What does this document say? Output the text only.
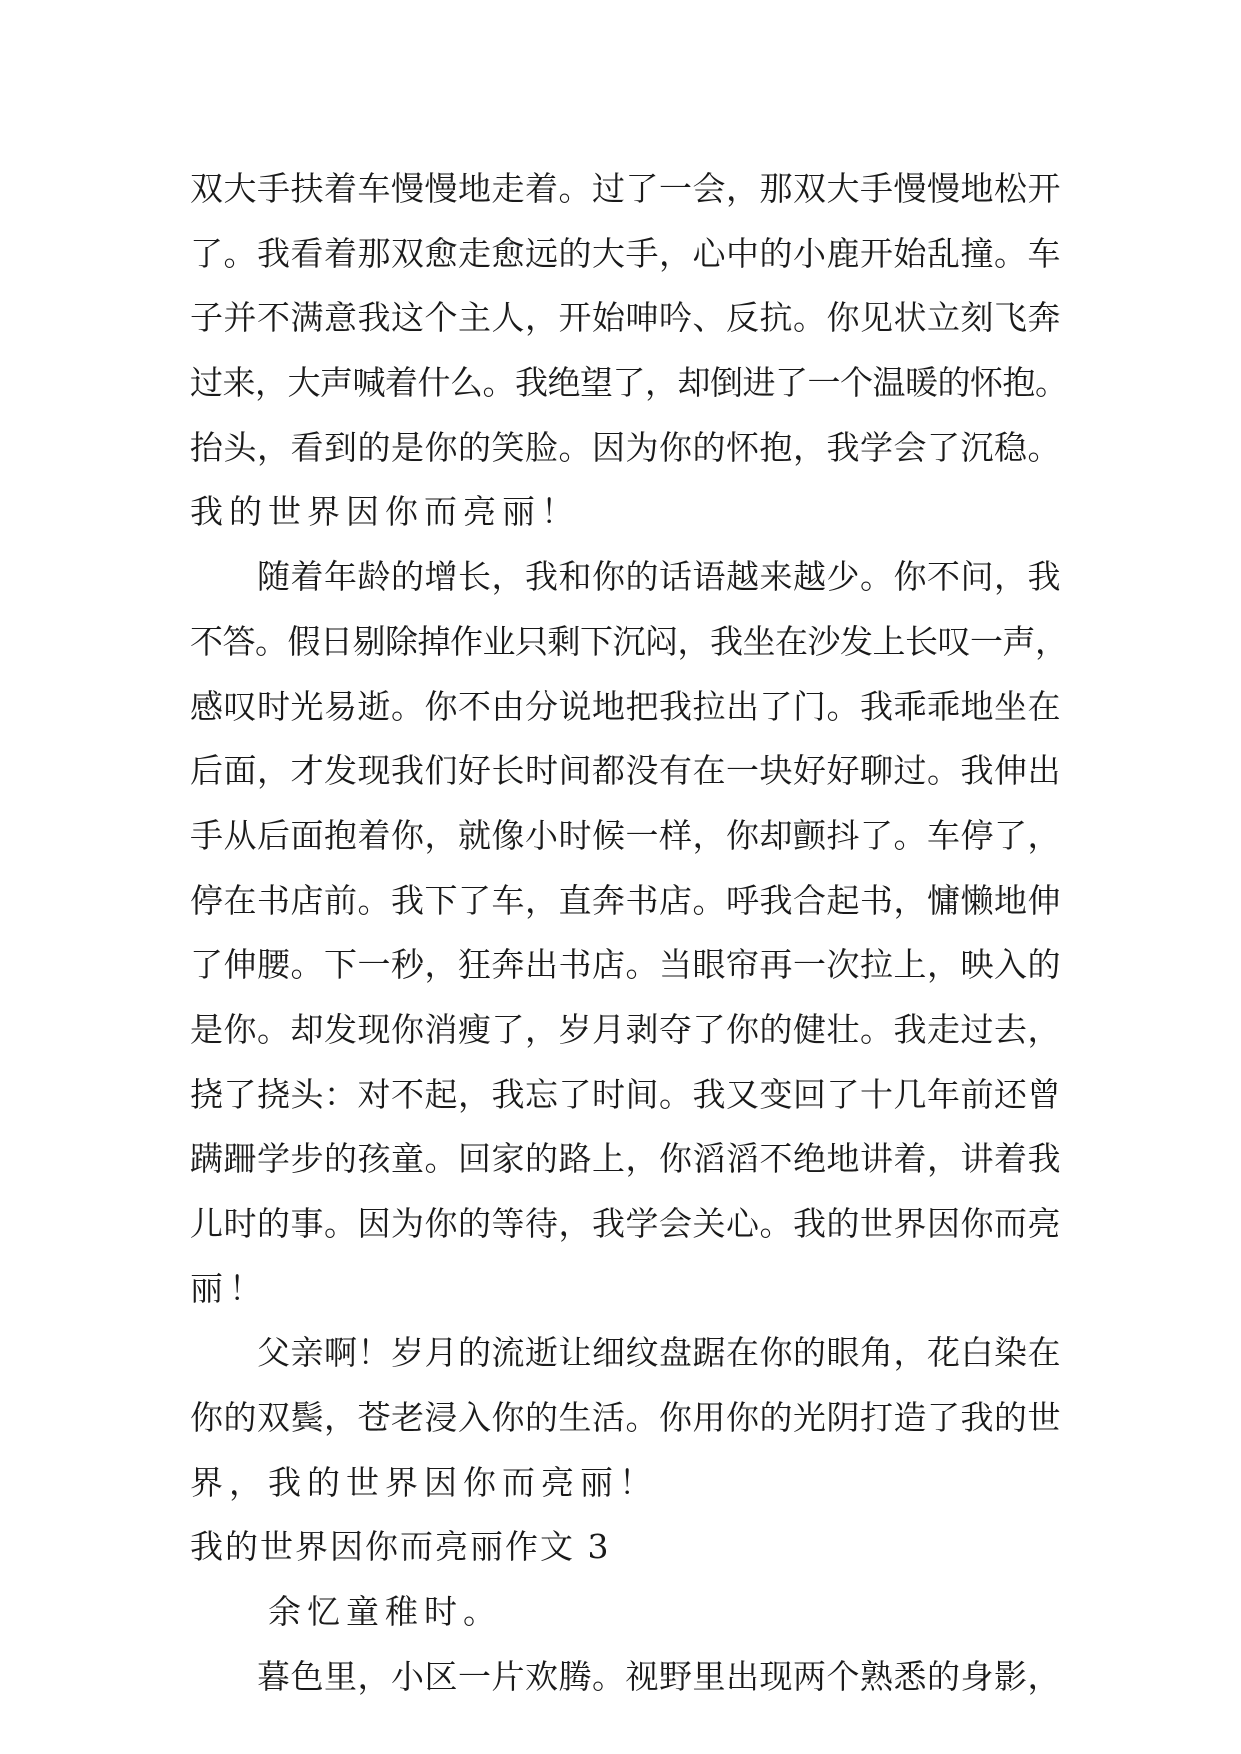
双大手扶着车慢慢地走着。过了一会，那双大手慢慢地松开
了。我看着那双愈走愈远的大手，心中的小鹿开始乱撞。车
子并不满意我这个主人，开始呻吟、反抗。你见状立刻飞奔
过来，大声喊着什么。我绝望了，却倒进了一个温暖的怀抱。
抬头，看到的是你的笑脸。因为你的怀抱，我学会了沉稳。
我的世界因你而亮丽！
　　随着年龄的增长，我和你的话语越来越少。你不问，我
不答。假日剔除掉作业只剩下沉闷，我坐在沙发上长叹一声，
感叹时光易逝。你不由分说地把我拉出了门。我乖乖地坐在
后面，才发现我们好长时间都没有在一块好好聊过。我伸出
手从后面抱着你，就像小时候一样，你却颤抖了。车停了，
停在书店前。我下了车，直奔书店。呼我合起书，慵懒地伸
了伸腰。下一秒，狂奔出书店。当眼帘再一次拉上，映入的
是你。却发现你消瘦了，岁月剥夺了你的健壮。我走过去，
挠了挠头：对不起，我忘了时间。我又变回了十几年前还曾
蹒跚学步的孩童。回家的路上，你滔滔不绝地讲着，讲着我
儿时的事。因为你的等待，我学会关心。我的世界因你而亮
丽！
　　父亲啊！岁月的流逝让细纹盘踞在你的眼角，花白染在
你的双鬓，苍老浸入你的生活。你用你的光阴打造了我的世
界，我的世界因你而亮丽！
我的世界因你而亮丽作文 3
　　余忆童稚时。
　　暮色里，小区一片欢腾。视野里出现两个熟悉的身影，
